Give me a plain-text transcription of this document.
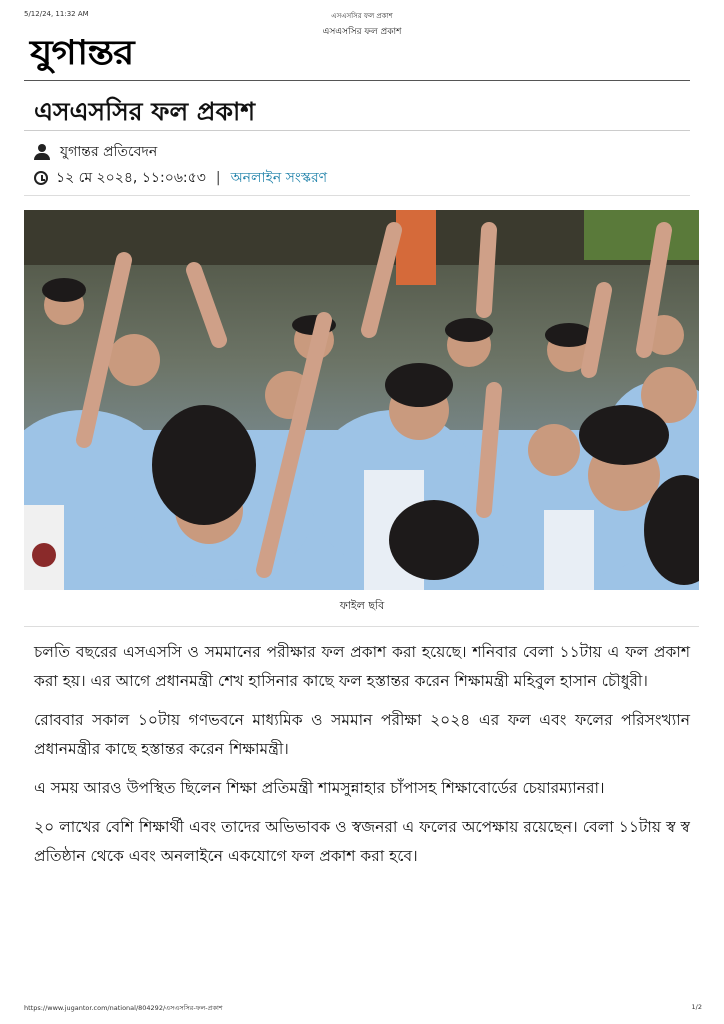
5/12/24, 11:32 AM	এসএসসির ফল প্রকাশ
এসএসসির ফল প্রকাশ
যুগান্তর
এসএসসির ফল প্রকাশ
যুগান্তর প্রতিবেদন
১২ মে ২০২৪, ১১:০৬:৫৩ | অনলাইন সংস্করণ
ফাইল ছবি

চলতি বছরের এসএসসি ও সমমানের পরীক্ষার ফল প্রকাশ করা হয়েছে। শনিবার বেলা ১১টায় এ ফল প্রকাশ করা হয়। এর আগে প্রধানমন্ত্রী শেখ হাসিনার কাছে ফল হস্তান্তর করেন শিক্ষামন্ত্রী মহিবুল হাসান চৌধুরী।

রোববার সকাল ১০টায় গণভবনে মাধ্যমিক ও সমমান পরীক্ষা ২০২৪ এর ফল এবং ফলের পরিসংখ্যান প্রধানমন্ত্রীর কাছে হস্তান্তর করেন শিক্ষামন্ত্রী।

এ সময় আরও উপস্থিত ছিলেন শিক্ষা প্রতিমন্ত্রী শামসুন্নাহার চাঁপাসহ শিক্ষাবোর্ডের চেয়ারম্যানরা।

২০ লাখের বেশি শিক্ষার্থী এবং তাদের অভিভাবক ও স্বজনরা এ ফলের অপেক্ষায় রয়েছেন। বেলা ১১টায় স্ব স্ব প্রতিষ্ঠান থেকে এবং অনলাইনে একযোগে ফল প্রকাশ করা হবে।

https://www.jugantor.com/national/804292/এসএসসির-ফল-প্রকাশ	1/2
